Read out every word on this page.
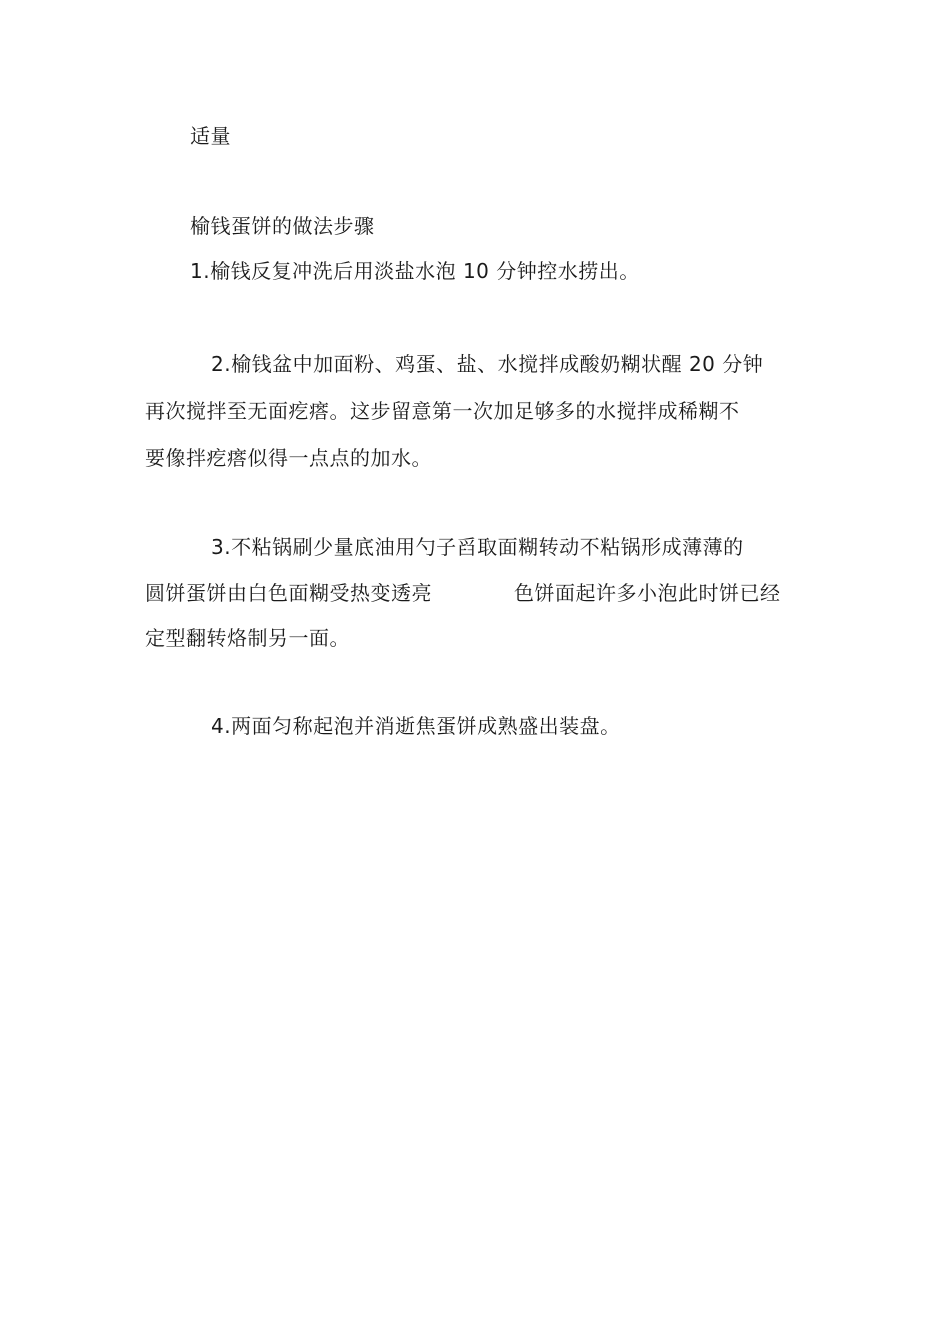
适量
榆钱蛋饼的做法步骤
1.榆钱反复冲洗后用淡盐水泡 10 分钟控水捞出。
2.榆钱盆中加面粉、鸡蛋、盐、水搅拌成酸奶糊状醒 20 分钟
再次搅拌至无面疙瘩。这步留意第一次加足够多的水搅拌成稀糊不
要像拌疙瘩似得一点点的加水。
3.不粘锅刷少量底油用勺子舀取面糊转动不粘锅形成薄薄的
圆饼蛋饼由白色面糊受热变透亮	色饼面起许多小泡此时饼已经
定型翻转烙制另一面。
4.两面匀称起泡并消逝焦蛋饼成熟盛出装盘。
